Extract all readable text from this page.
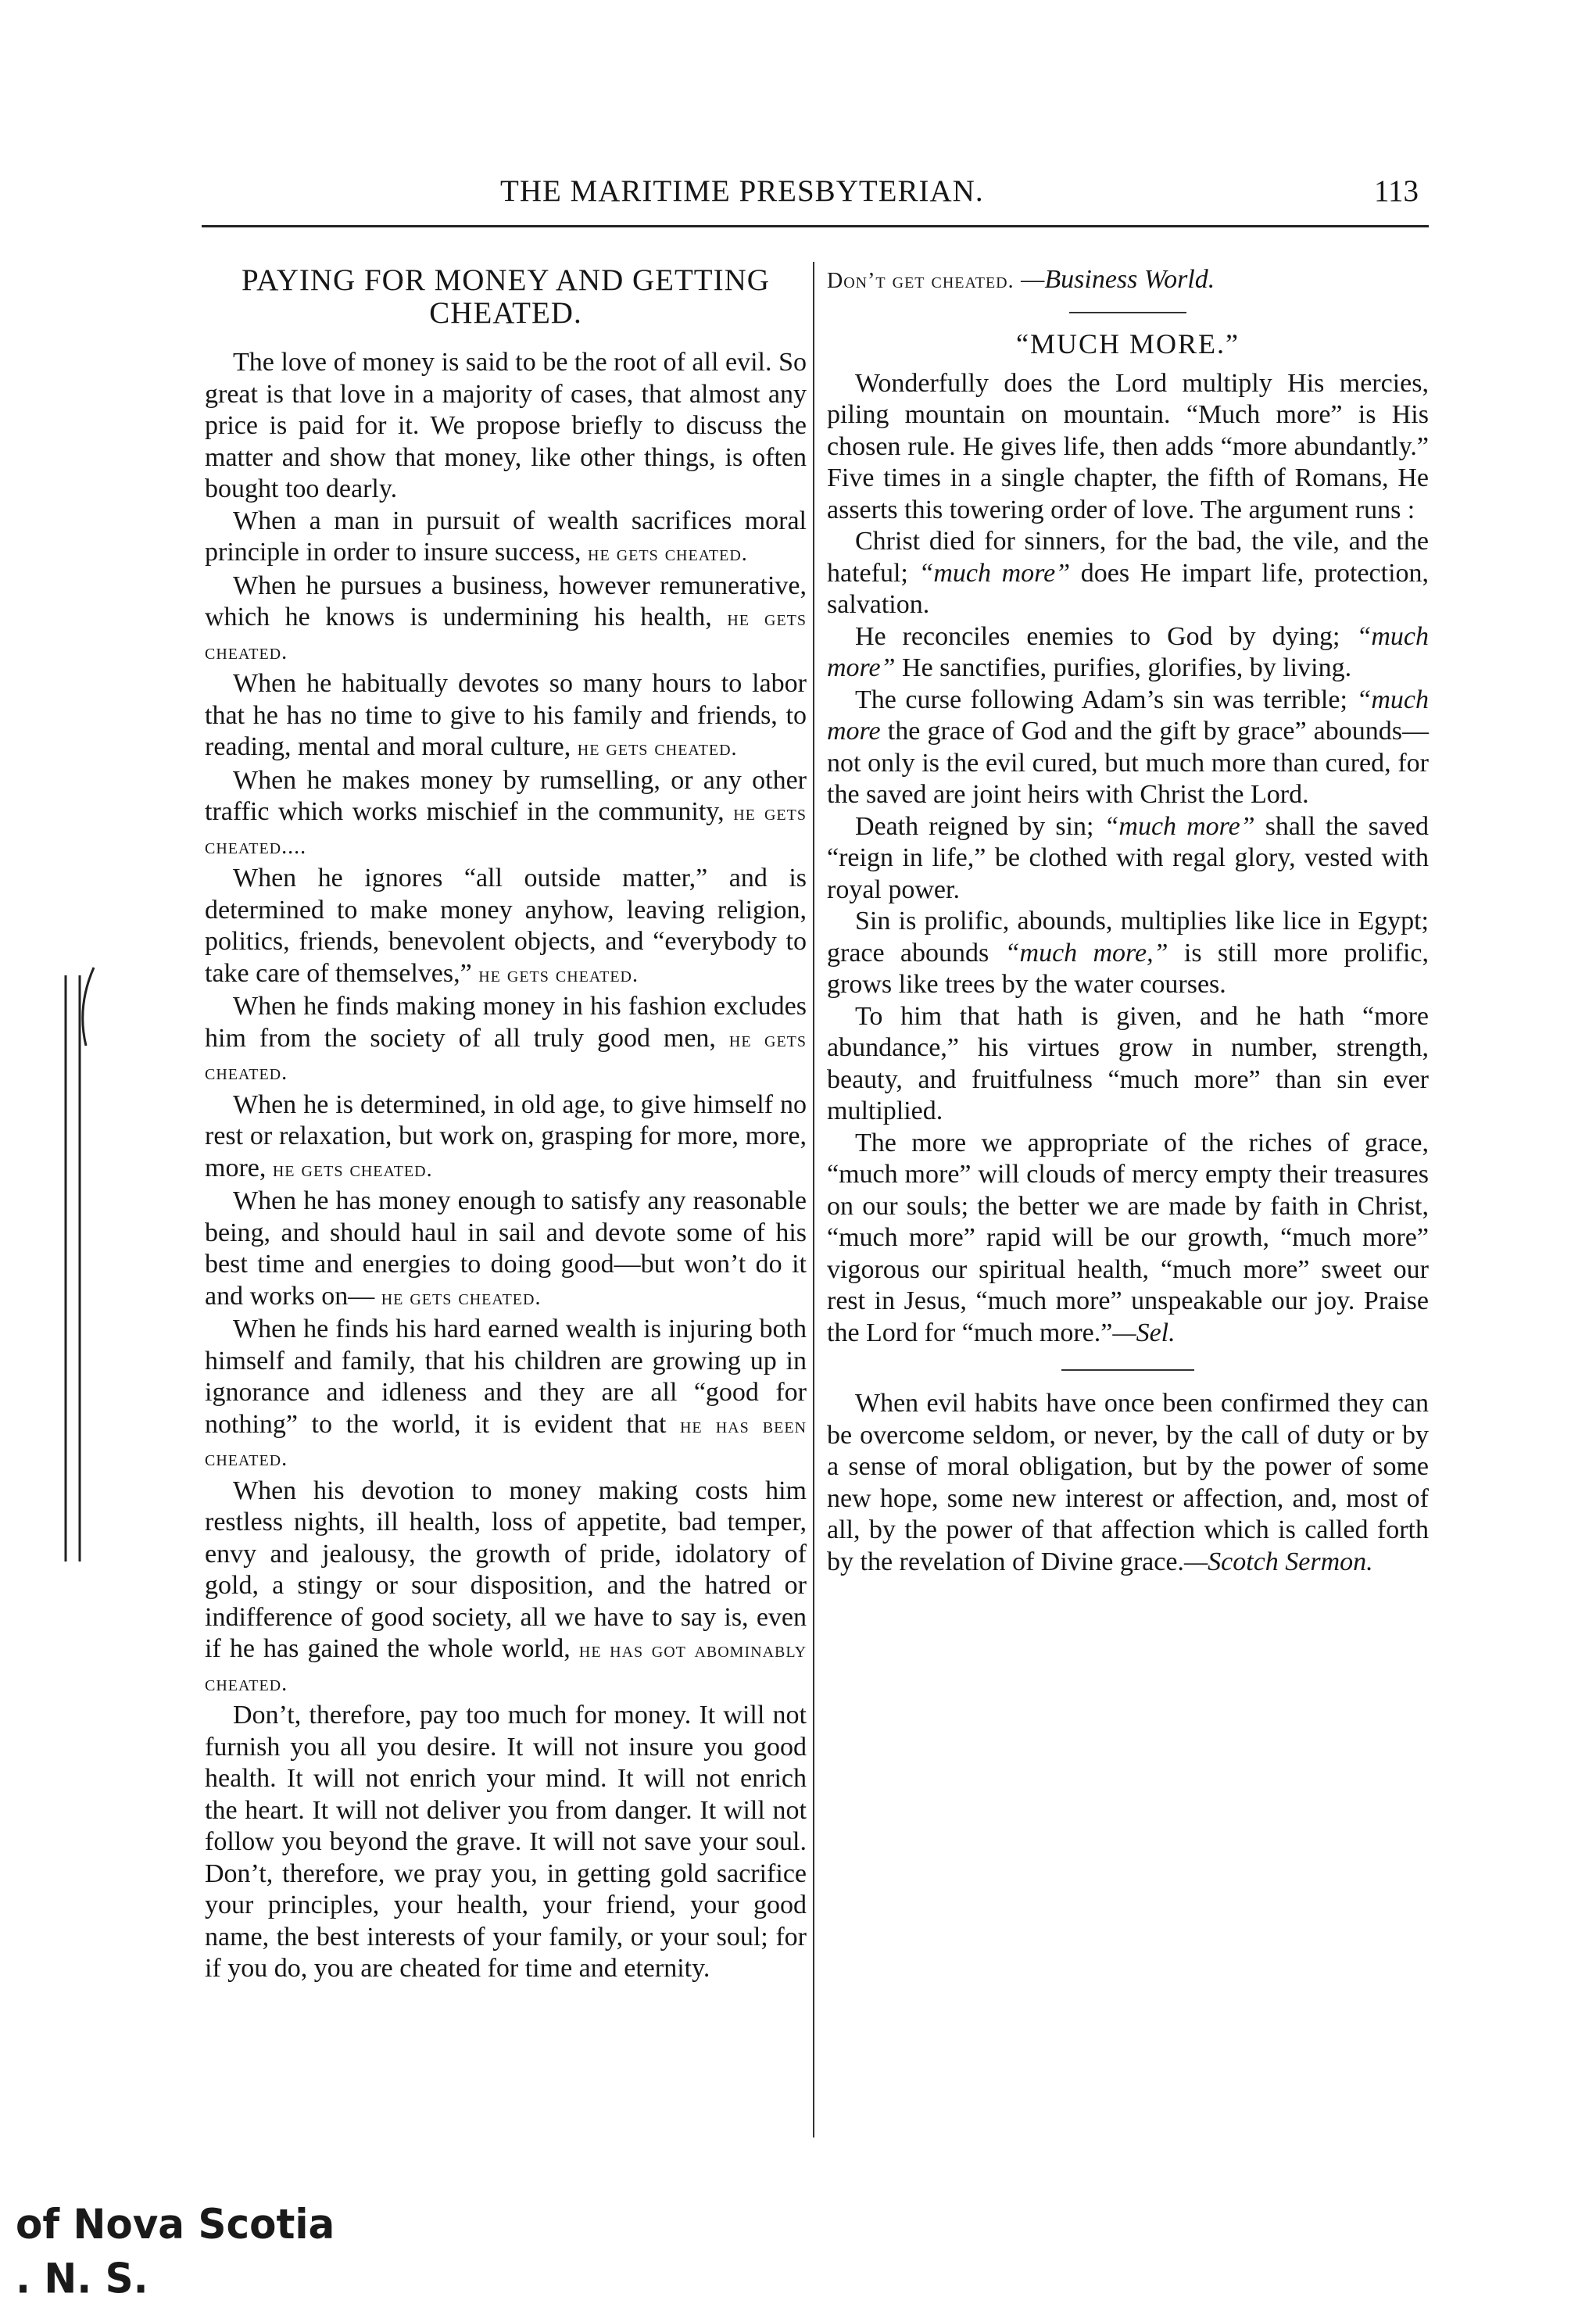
THE MARITIME PRESBYTERIAN.	113
PAYING FOR MONEY AND GETTING CHEATED.

The love of money is said to be the root of all evil. So great is that love in a majority of cases, that almost any price is paid for it. We propose briefly to discuss the matter and show that money, like other things, is often bought too dearly.

When a man in pursuit of wealth sacrifices moral principle in order to insure success, he gets cheated.

When he pursues a business, however remunerative, which he knows is undermining his health, he gets cheated.

When he habitually devotes so many hours to labor that he has no time to give to his family and friends, to reading, mental and moral culture, he gets cheated.

When he makes money by rumselling, or any other traffic which works mischief in the community, he gets cheated....

When he ignores “all outside matter,” and is determined to make money anyhow, leaving religion, politics, friends, benevolent objects, and “everybody to take care of themselves,” he gets cheated.

When he finds making money in his fashion excludes him from the society of all truly good men, he gets cheated.

When he is determined, in old age, to give himself no rest or relaxation, but work on, grasping for more, more, more, he gets cheated.

When he has money enough to satisfy any reasonable being, and should haul in sail and devote some of his best time and energies to doing good—but won’t do it and works on— he gets cheated.

When he finds his hard earned wealth is injuring both himself and family, that his children are growing up in ignorance and idleness and they are all “good for nothing” to the world, it is evident that he has been cheated.

When his devotion to money making costs him restless nights, ill health, loss of appetite, bad temper, envy and jealousy, the growth of pride, idolatory of gold, a stingy or sour disposition, and the hatred or indifference of good society, all we have to say is, even if he has gained the whole world, he has got abominably cheated.

Don’t, therefore, pay too much for money. It will not furnish you all you desire. It will not insure you good health. It will not enrich your mind. It will not enrich the heart. It will not deliver you from danger. It will not follow you beyond the grave. It will not save your soul. Don’t, therefore, we pray you, in getting gold sacrifice your principles, your health, your friend, your good name, the best interests of your family, or your soul; for if you do, you are cheated for time and eternity.

Don’t get cheated. —Business World.

“MUCH MORE.”

Wonderfully does the Lord multiply His mercies, piling mountain on mountain. “Much more” is His chosen rule. He gives life, then adds “more abundantly.” Five times in a single chapter, the fifth of Romans, He asserts this towering order of love. The argument runs :

Christ died for sinners, for the bad, the vile, and the hateful; “much more” does He impart life, protection, salvation.

He reconciles enemies to God by dying; “much more” He sanctifies, purifies, glorifies, by living.

The curse following Adam’s sin was terrible; “much more the grace of God and the gift by grace” abounds—not only is the evil cured, but much more than cured, for the saved are joint heirs with Christ the Lord.

Death reigned by sin; “much more” shall the saved “reign in life,” be clothed with regal glory, vested with royal power.

Sin is prolific, abounds, multiplies like lice in Egypt; grace abounds “much more,” is still more prolific, grows like trees by the water courses.

To him that hath is given, and he hath “more abundance,” his virtues grow in number, strength, beauty, and fruitfulness “much more” than sin ever multiplied.

The more we appropriate of the riches of grace, “much more” will clouds of mercy empty their treasures on our souls; the better we are made by faith in Christ, “much more” rapid will be our growth, “much more” vigorous our spiritual health, “much more” sweet our rest in Jesus, “much more” unspeakable our joy. Praise the Lord for “much more.”—Sel.

When evil habits have once been confirmed they can be overcome seldom, or never, by the call of duty or by a sense of moral obligation, but by the power of some new hope, some new interest or affection, and, most of all, by the power of that affection which is called forth by the revelation of Divine grace.—Scotch Sermon.

of Nova Scotia
. N. S.
